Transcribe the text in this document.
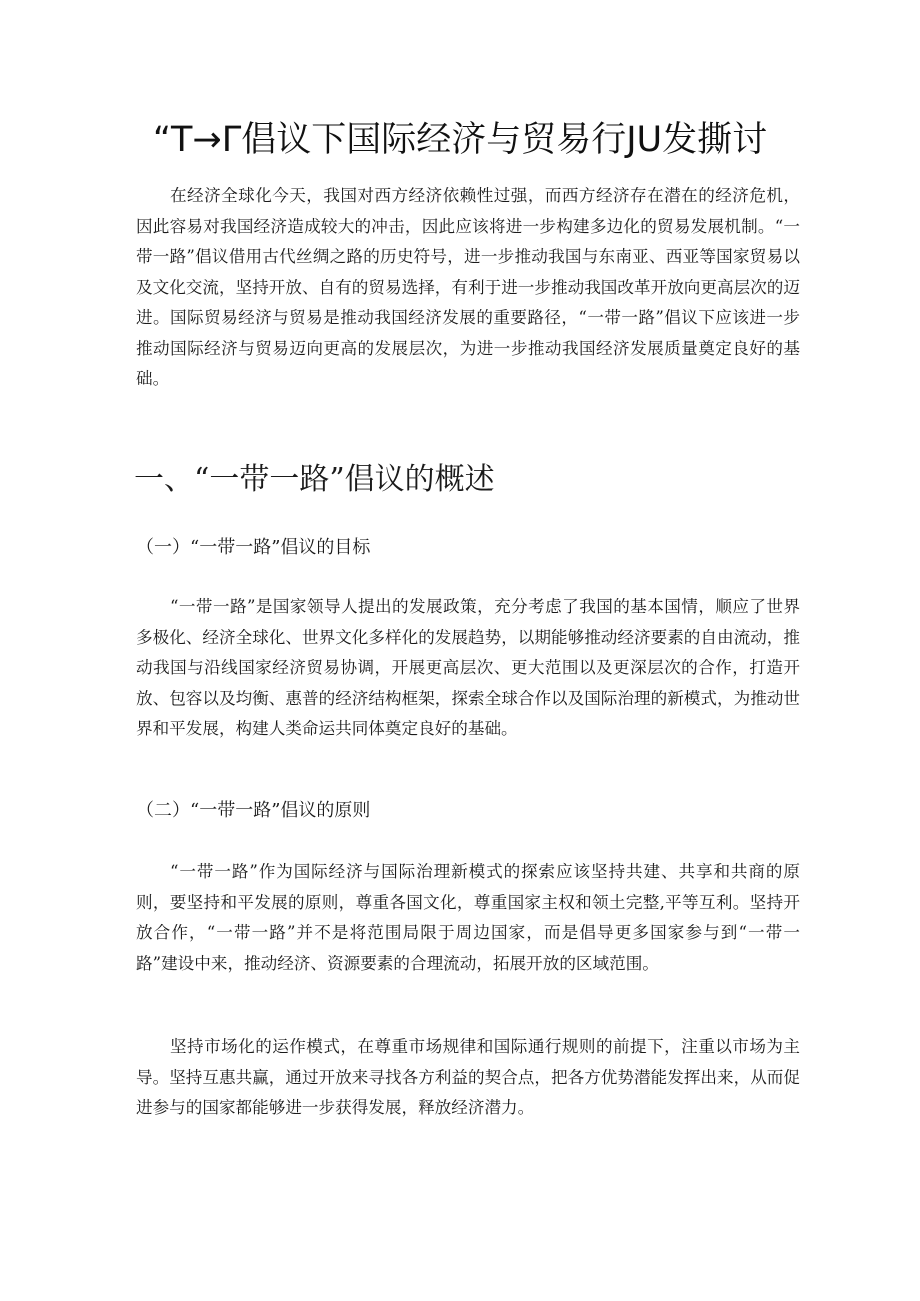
“T→Γ倡议下国际经济与贸易行JU发撕讨

在经济全球化今天，我国对西方经济依赖性过强，而西方经济存在潜在的经济危机，因此容易对我国经济造成较大的冲击，因此应该将进一步构建多边化的贸易发展机制。“一带一路”倡议借用古代丝绸之路的历史符号，进一步推动我国与东南亚、西亚等国家贸易以及文化交流，坚持开放、自有的贸易选择，有利于进一步推动我国改革开放向更高层次的迈进。国际贸易经济与贸易是推动我国经济发展的重要路径，“一带一路”倡议下应该进一步推动国际经济与贸易迈向更高的发展层次，为进一步推动我国经济发展质量奠定良好的基础。

一、“一带一路”倡议的概述
（一）“一带一路”倡议的目标

“一带一路”是国家领导人提出的发展政策，充分考虑了我国的基本国情，顺应了世界多极化、经济全球化、世界文化多样化的发展趋势，以期能够推动经济要素的自由流动，推动我国与沿线国家经济贸易协调，开展更高层次、更大范围以及更深层次的合作，打造开放、包容以及均衡、惠普的经济结构框架，探索全球合作以及国际治理的新模式，为推动世界和平发展，构建人类命运共同体奠定良好的基础。

（二）“一带一路”倡议的原则

“一带一路”作为国际经济与国际治理新模式的探索应该坚持共建、共享和共商的原则，要坚持和平发展的原则，尊重各国文化，尊重国家主权和领土完整,平等互利。坚持开放合作，“一带一路”并不是将范围局限于周边国家，而是倡导更多国家参与到“一带一路”建设中来，推动经济、资源要素的合理流动，拓展开放的区域范围。

坚持市场化的运作模式，在尊重市场规律和国际通行规则的前提下，注重以市场为主导。坚持互惠共赢，通过开放来寻找各方利益的契合点，把各方优势潜能发挥出来，从而促进参与的国家都能够进一步获得发展，释放经济潜力。
